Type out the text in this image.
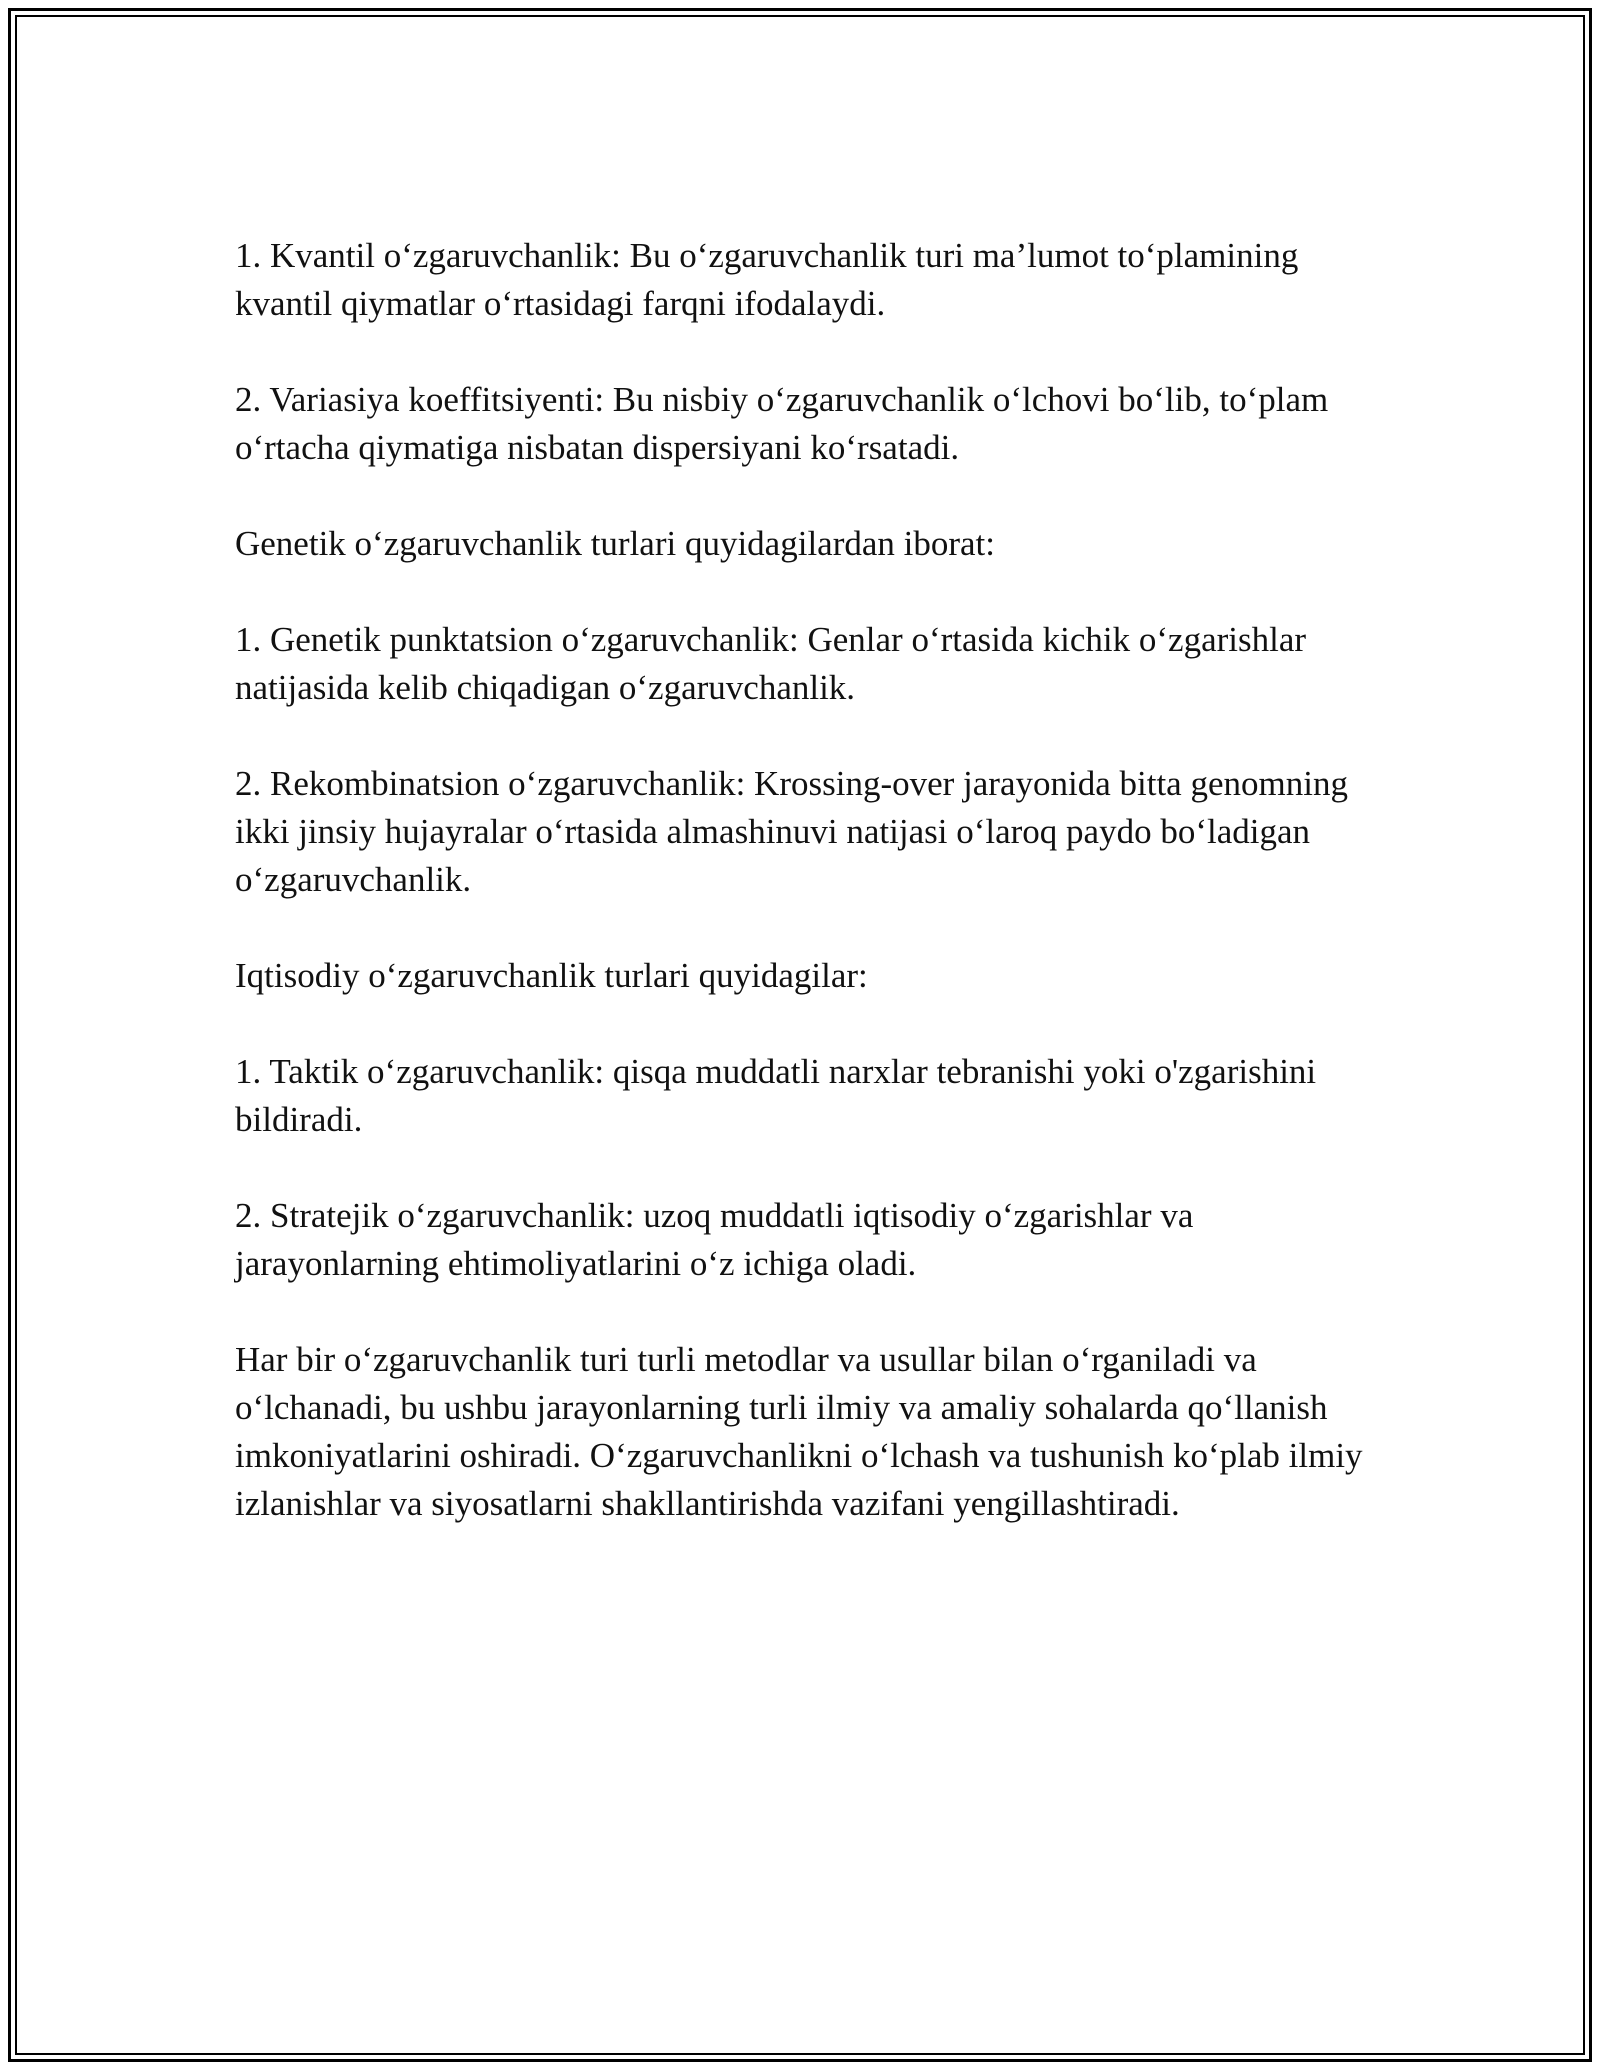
1. Kvantil o‘zgaruvchanlik: Bu o‘zgaruvchanlik turi ma’lumot to‘plamining kvantil qiymatlar o‘rtasidagi farqni ifodalaydi.

2. Variasiya koeffitsiyenti: Bu nisbiy o‘zgaruvchanlik o‘lchovi bo‘lib, to‘plam o‘rtacha qiymatiga nisbatan dispersiyani ko‘rsatadi.

Genetik o‘zgaruvchanlik turlari quyidagilardan iborat:

1. Genetik punktatsion o‘zgaruvchanlik: Genlar o‘rtasida kichik o‘zgarishlar natijasida kelib chiqadigan o‘zgaruvchanlik.

2. Rekombinatsion o‘zgaruvchanlik: Krossing-over jarayonida bitta genomning ikki jinsiy hujayralar o‘rtasida almashinuvi natijasi o‘laroq paydo bo‘ladigan o‘zgaruvchanlik.

Iqtisodiy o‘zgaruvchanlik turlari quyidagilar:

1. Taktik o‘zgaruvchanlik: qisqa muddatli narxlar tebranishi yoki o'zgarishini bildiradi.

2. Stratejik o‘zgaruvchanlik: uzoq muddatli iqtisodiy o‘zgarishlar va jarayonlarning ehtimoliyatlarini o‘z ichiga oladi.

Har bir o‘zgaruvchanlik turi turli metodlar va usullar bilan o‘rganiladi va o‘lchanadi, bu ushbu jarayonlarning turli ilmiy va amaliy sohalarda qo‘llanish imkoniyatlarini oshiradi. O‘zgaruvchanlikni o‘lchash va tushunish ko‘plab ilmiy izlanishlar va siyosatlarni shakllantirishda vazifani yengillashtiradi.
